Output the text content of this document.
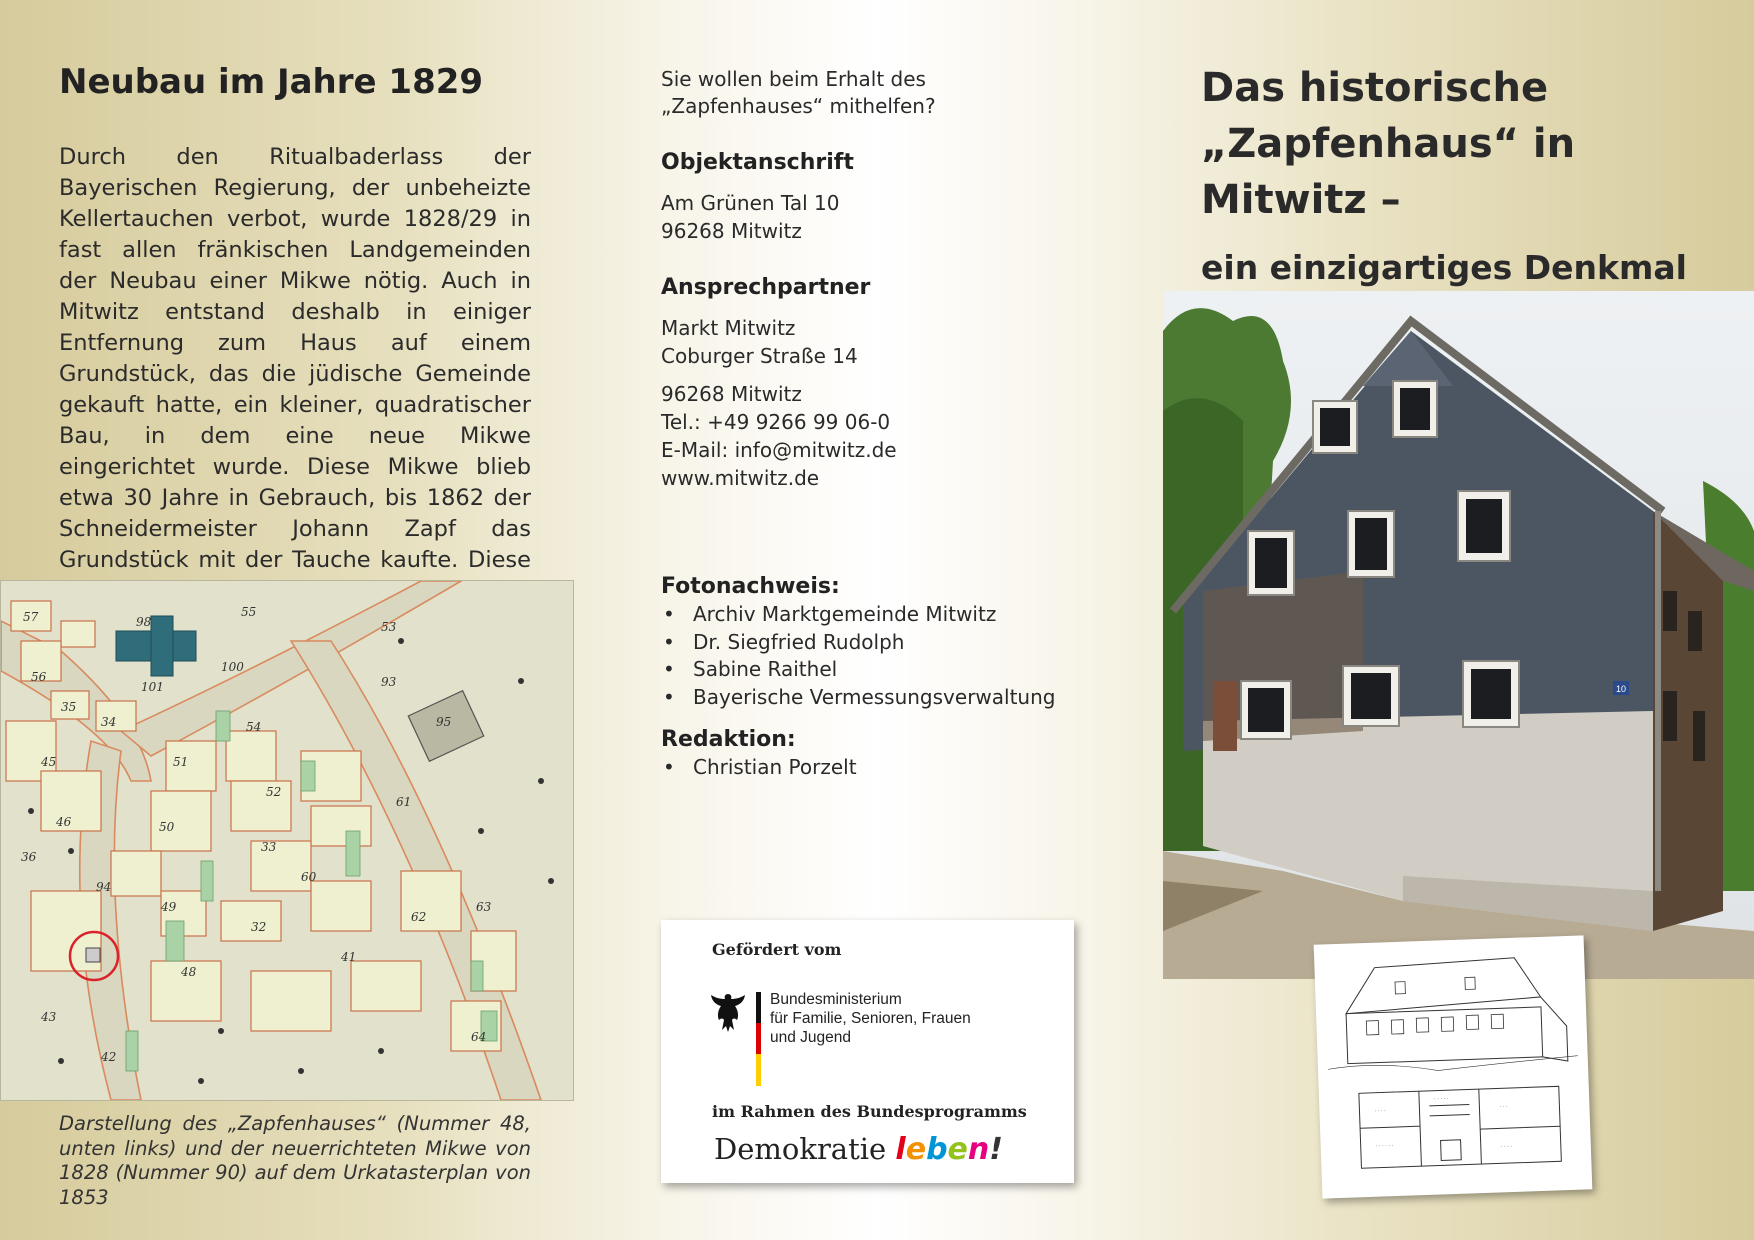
Neubau im Jahre 1829

Durch den Ritualbaderlass der Bayerischen Regierung, der unbeheizte Kellertauchen verbot, wurde 1828/29 in fast allen fränkischen Landgemeinden der Neubau einer Mikwe nötig. Auch in Mitwitz entstand deshalb in einiger Entfernung zum Haus auf einem Grundstück, das die jüdische Gemeinde gekauft hatte, ein kleiner, quadratischer Bau, in dem eine neue Mikwe eingerichtet wurde. Diese Mikwe blieb etwa 30 Jahre in Gebrauch, bis 1862 der Schneidermeister Johann Zapf das Grundstück mit der Tauche kaufte. Diese

98
100
101
57
56
55
53
54
34	95
93
94
45
46	50
51
52
60
61
62
63
64
48
49
43
42
35
36
41
33
32
Darstellung des „Zapfenhauses“ (Nummer 48, unten links) und der neuerrichteten Mikwe von 1828 (Nummer 90) auf dem Urkatasterplan von 1853

Sie wollen beim Erhalt des „Zapfenhauses“ mithelfen?

Objektanschrift
Am Grünen Tal 10
96268 Mitwitz
Ansprechpartner
Markt Mitwitz
Coburger Straße 14
96268 Mitwitz
Tel.: +49 9266 99 06-0
E-Mail: info@mitwitz.de
www.mitwitz.de
Fotonachweis:
• Archiv Marktgemeinde Mitwitz
• Dr. Siegfried Rudolph
• Sabine Raithel
• Bayerische Vermessungsverwaltung
Redaktion:
• Christian Porzelt
Gefördert vom
Bundesministerium
für Familie, Senioren, Frauen
und Jugend
im Rahmen des Bundesprogramms
Demokratie leben!
Das historische
„Zapfenhaus“ in Mitwitz –
ein einzigartiges Denkmal

10
· · · ·
· · · · ·
· · ·
· · · · · ·	· · · ·
